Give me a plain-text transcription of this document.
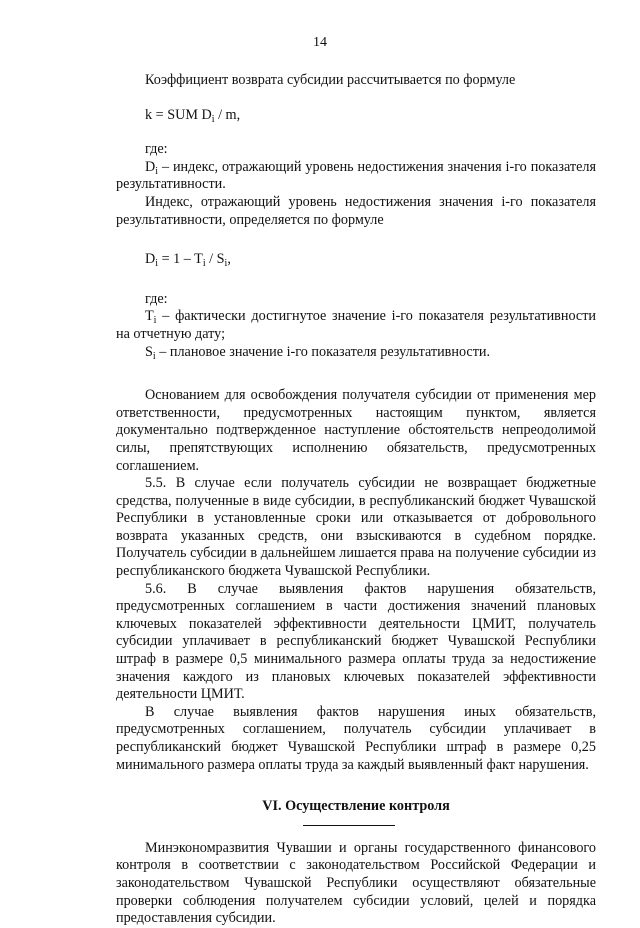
14

Коэффициент возврата субсидии рассчитывается по формуле

k = SUM $D_i$ / m,

где:

$D_i$ – индекс, отражающий уровень недостижения значения i-го показателя результативности.

Индекс, отражающий уровень недостижения значения i-го показателя результативности, определяется по формуле

$D_i = 1 - T_i / S_i$,

где:

$T_i$ – фактически достигнутое значение i-го показателя результативности на отчетную дату;

$S_i$ – плановое значение i-го показателя результативности.

Основанием для освобождения получателя субсидии от применения мер ответственности, предусмотренных настоящим пунктом, является документально подтвержденное наступление обстоятельств непреодолимой силы, препятствующих исполнению обязательств, предусмотренных соглашением.

5.5. В случае если получатель субсидии не возвращает бюджетные средства, полученные в виде субсидии, в республиканский бюджет Чувашской Республики в установленные сроки или отказывается от добровольного возврата указанных средств, они взыскиваются в судебном порядке. Получатель субсидии в дальнейшем лишается права на получение субсидии из республиканского бюджета Чувашской Республики.

5.6. В случае выявления фактов нарушения обязательств, предусмотренных соглашением в части достижения значений плановых ключевых показателей эффективности деятельности ЦМИТ, получатель субсидии уплачивает в республиканский бюджет Чувашской Республики штраф в размере 0,5 минимального размера оплаты труда за недостижение значения каждого из плановых ключевых показателей эффективности деятельности ЦМИТ.

В случае выявления фактов нарушения иных обязательств, предусмотренных соглашением, получатель субсидии уплачивает в республиканский бюджет Чувашской Республики штраф в размере 0,25 минимального размера оплаты труда за каждый выявленный факт нарушения.

VI. Осуществление контроля

Минэкономразвития Чувашии и органы государственного финансового контроля в соответствии с законодательством Российской Федерации и законодательством Чувашской Республики осуществляют обязательные проверки соблюдения получателем субсидии условий, целей и порядка предоставления субсидии.
